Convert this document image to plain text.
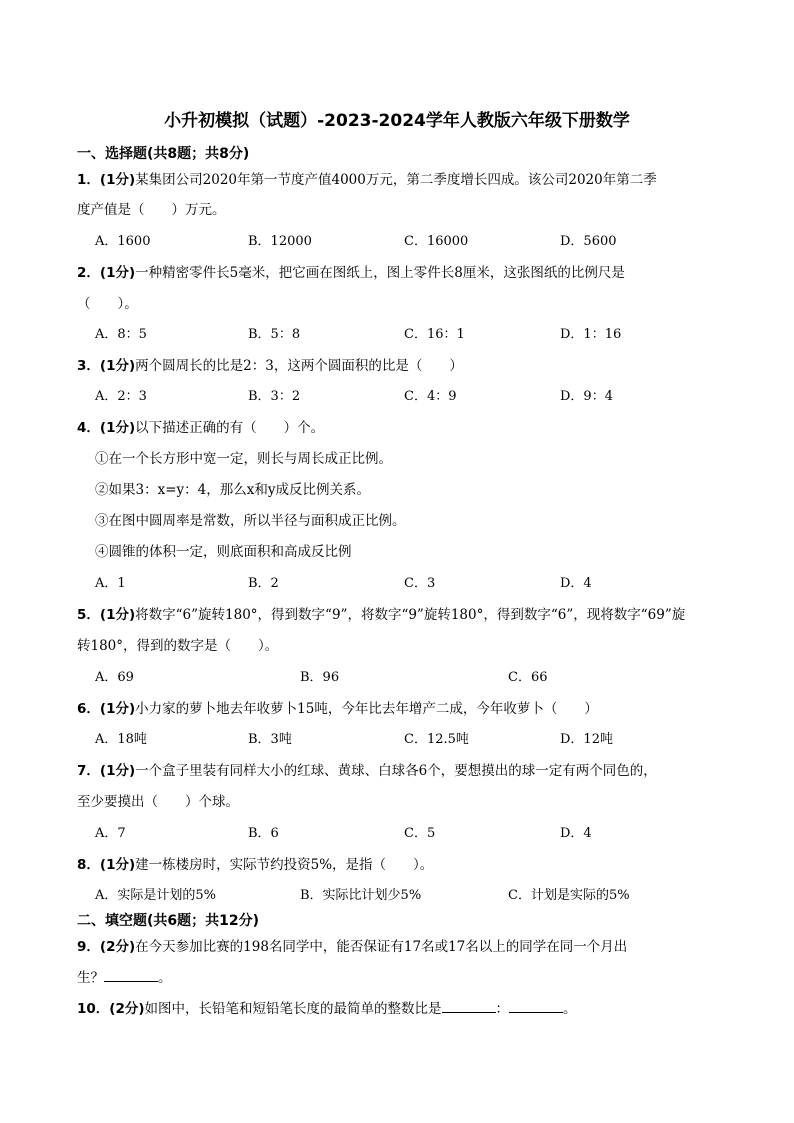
小升初模拟（试题）-2023-2024学年人教版六年级下册数学
一、选择题(共8题；共8分)
1．(1分)某集团公司2020年第一节度产值4000万元，第二季度增长四成。该公司2020年第二季
度产值是（　　）万元。
A．1600	B．12000	C．16000	D．5600
2．(1分)一种精密零件长5毫米，把它画在图纸上，图上零件长8厘米，这张图纸的比例尺是
（　　）。
A．8：5	B．5：8	C．16：1	D．1：16
3．(1分)两个圆周长的比是2：3，这两个圆面积的比是（　　）
A．2：3	B．3：2	C．4：9	D．9：4
4．(1分)以下描述正确的有（　　）个。
①在一个长方形中宽一定，则长与周长成正比例。
②如果3：x=y：4，那么x和y成反比例关系。
③在图中圆周率是常数，所以半径与面积成正比例。
④圆锥的体积一定，则底面积和高成反比例
A．1	B．2	C．3	D．4
5．(1分)将数字“6”旋转180°，得到数字“9”，将数字“9”旋转180°，得到数字“6”，现将数字“69”旋
转180°，得到的数字是（　　）。
A．69	B．96	C．66
6．(1分)小力家的萝卜地去年收萝卜15吨，今年比去年增产二成，今年收萝卜（　　）
A．18吨	B．3吨	C．12.5吨	D．12吨
7．(1分)一个盒子里装有同样大小的红球、黄球、白球各6个，要想摸出的球一定有两个同色的，
至少要摸出（　　）个球。
A．7	B．6	C．5	D．4
8．(1分)建一栋楼房时，实际节约投资5%，是指（　　）。
A．实际是计划的5%	B．实际比计划少5%	C．计划是实际的5%
二、填空题(共6题；共12分)
9．(2分)在今天参加比赛的198名同学中，能否保证有17名或17名以上的同学在同一个月出
生？	。
10．(2分)如图中，长铅笔和短铅笔长度的最简单的整数比是	：	。
